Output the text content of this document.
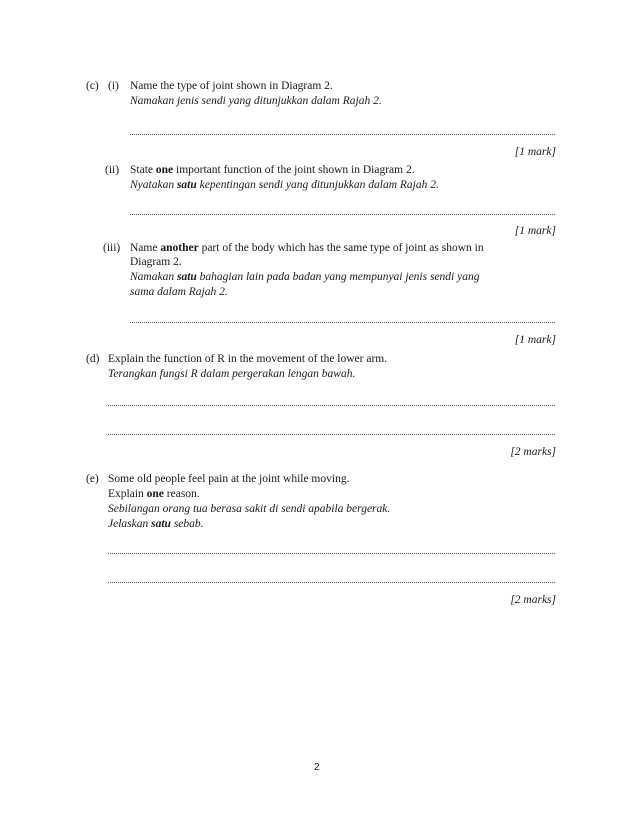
(c) (i) Name the type of joint shown in Diagram 2.
Namakan jenis sendi yang ditunjukkan dalam Rajah 2.
[1 mark]
(ii) State one important function of the joint shown in Diagram 2.
Nyatakan satu kepentingan sendi yang ditunjukkan dalam Rajah 2.
[1 mark]
(iii) Name another part of the body which has the same type of joint as shown in
Diagram 2.
Namakan satu bahagian lain pada badan yang mempunyai jenis sendi yang
sama dalam Rajah 2.
[1 mark]
(d) Explain the function of R in the movement of the lower arm.
Terangkan fungsi R dalam pergerakan lengan bawah.
[2 marks]
(e) Some old people feel pain at the joint while moving.
Explain one reason.
Sebilangan orang tua berasa sakit di sendi apabila bergerak.
Jelaskan satu sebab.
[2 marks]
2
